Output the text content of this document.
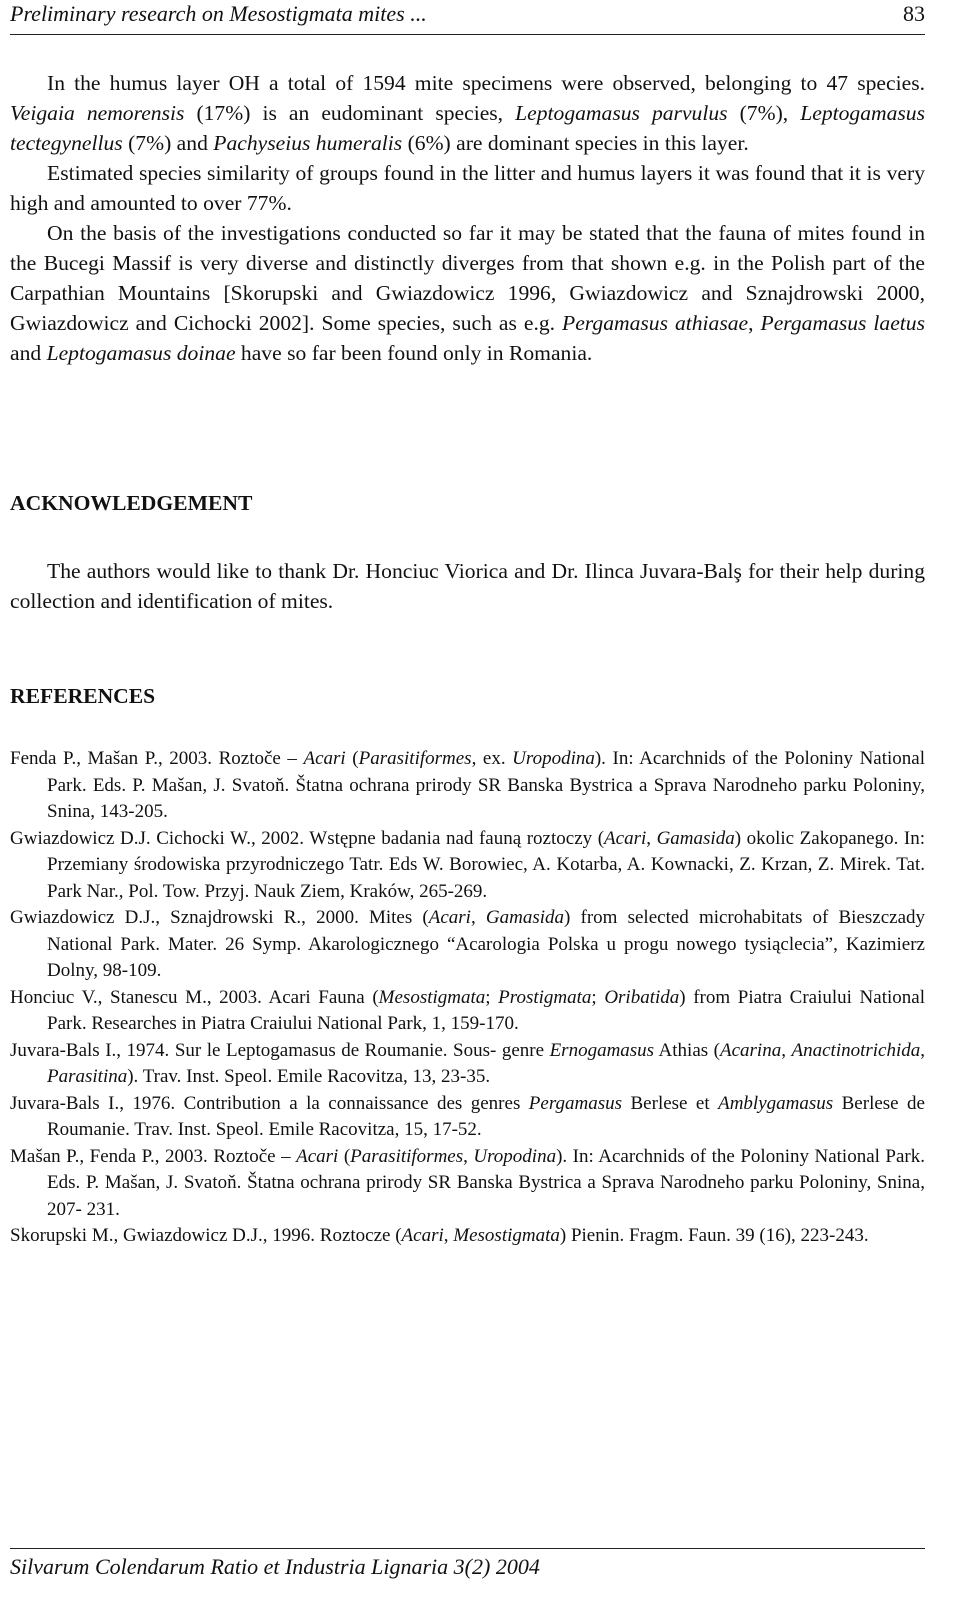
Preliminary research on Mesostigmata mites ...	83

In the humus layer OH a total of 1594 mite specimens were observed, belonging to 47 species. Veigaia nemorensis (17%) is an eudominant species, Leptogamasus parvulus (7%), Leptogamasus tectegynellus (7%) and Pachyseius humeralis (6%) are dominant species in this layer.

Estimated species similarity of groups found in the litter and humus layers it was found that it is very high and amounted to over 77%.

On the basis of the investigations conducted so far it may be stated that the fauna of mites found in the Bucegi Massif is very diverse and distinctly diverges from that shown e.g. in the Polish part of the Carpathian Mountains [Skorupski and Gwiazdowicz 1996, Gwiazdowicz and Sznajdrowski 2000, Gwiazdowicz and Cichocki 2002]. Some species, such as e.g. Pergamasus athiasae, Pergamasus laetus and Leptogamasus doinae have so far been found only in Romania.

ACKNOWLEDGEMENT

The authors would like to thank Dr. Honciuc Viorica and Dr. Ilinca Juvara-Balş for their help during collection and identification of mites.

REFERENCES
Fenda P., Mašan P., 2003. Roztoče – Acari (Parasitiformes, ex. Uropodina). In: Acarchnids of the Poloniny National Park. Eds. P. Mašan, J. Svatoň. Štatna ochrana prirody SR Banska Bystrica a Sprava Narodneho parku Poloniny, Snina, 143-205.
Gwiazdowicz D.J. Cichocki W., 2002. Wstępne badania nad fauną roztoczy (Acari, Gamasida) okolic Zakopanego. In: Przemiany środowiska przyrodniczego Tatr. Eds W. Borowiec, A. Kotarba, A. Kownacki, Z. Krzan, Z. Mirek. Tat. Park Nar., Pol. Tow. Przyj. Nauk Ziem, Kraków, 265-269.
Gwiazdowicz D.J., Sznajdrowski R., 2000. Mites (Acari, Gamasida) from selected microhabitats of Bieszczady National Park. Mater. 26 Symp. Akarologicznego “Acarologia Polska u progu nowego tysiąclecia”, Kazimierz Dolny, 98-109.
Honciuc V., Stanescu M., 2003. Acari Fauna (Mesostigmata; Prostigmata; Oribatida) from Piatra Craiului National Park. Researches in Piatra Craiului National Park, 1, 159-170.
Juvara-Bals I., 1974. Sur le Leptogamasus de Roumanie. Sous- genre Ernogamasus Athias (Acarina, Anactinotrichida, Parasitina). Trav. Inst. Speol. Emile Racovitza, 13, 23-35.
Juvara-Bals I., 1976. Contribution a la connaissance des genres Pergamasus Berlese et Amblygamasus Berlese de Roumanie. Trav. Inst. Speol. Emile Racovitza, 15, 17-52.
Mašan P., Fenda P., 2003. Roztoče – Acari (Parasitiformes, Uropodina). In: Acarchnids of the Poloniny National Park. Eds. P. Mašan, J. Svatoň. Štatna ochrana prirody SR Banska Bystrica a Sprava Narodneho parku Poloniny, Snina, 207- 231.
Skorupski M., Gwiazdowicz D.J., 1996. Roztocze (Acari, Mesostigmata) Pienin. Fragm. Faun. 39 (16), 223-243.
Silvarum Colendarum Ratio et Industria Lignaria 3(2) 2004
